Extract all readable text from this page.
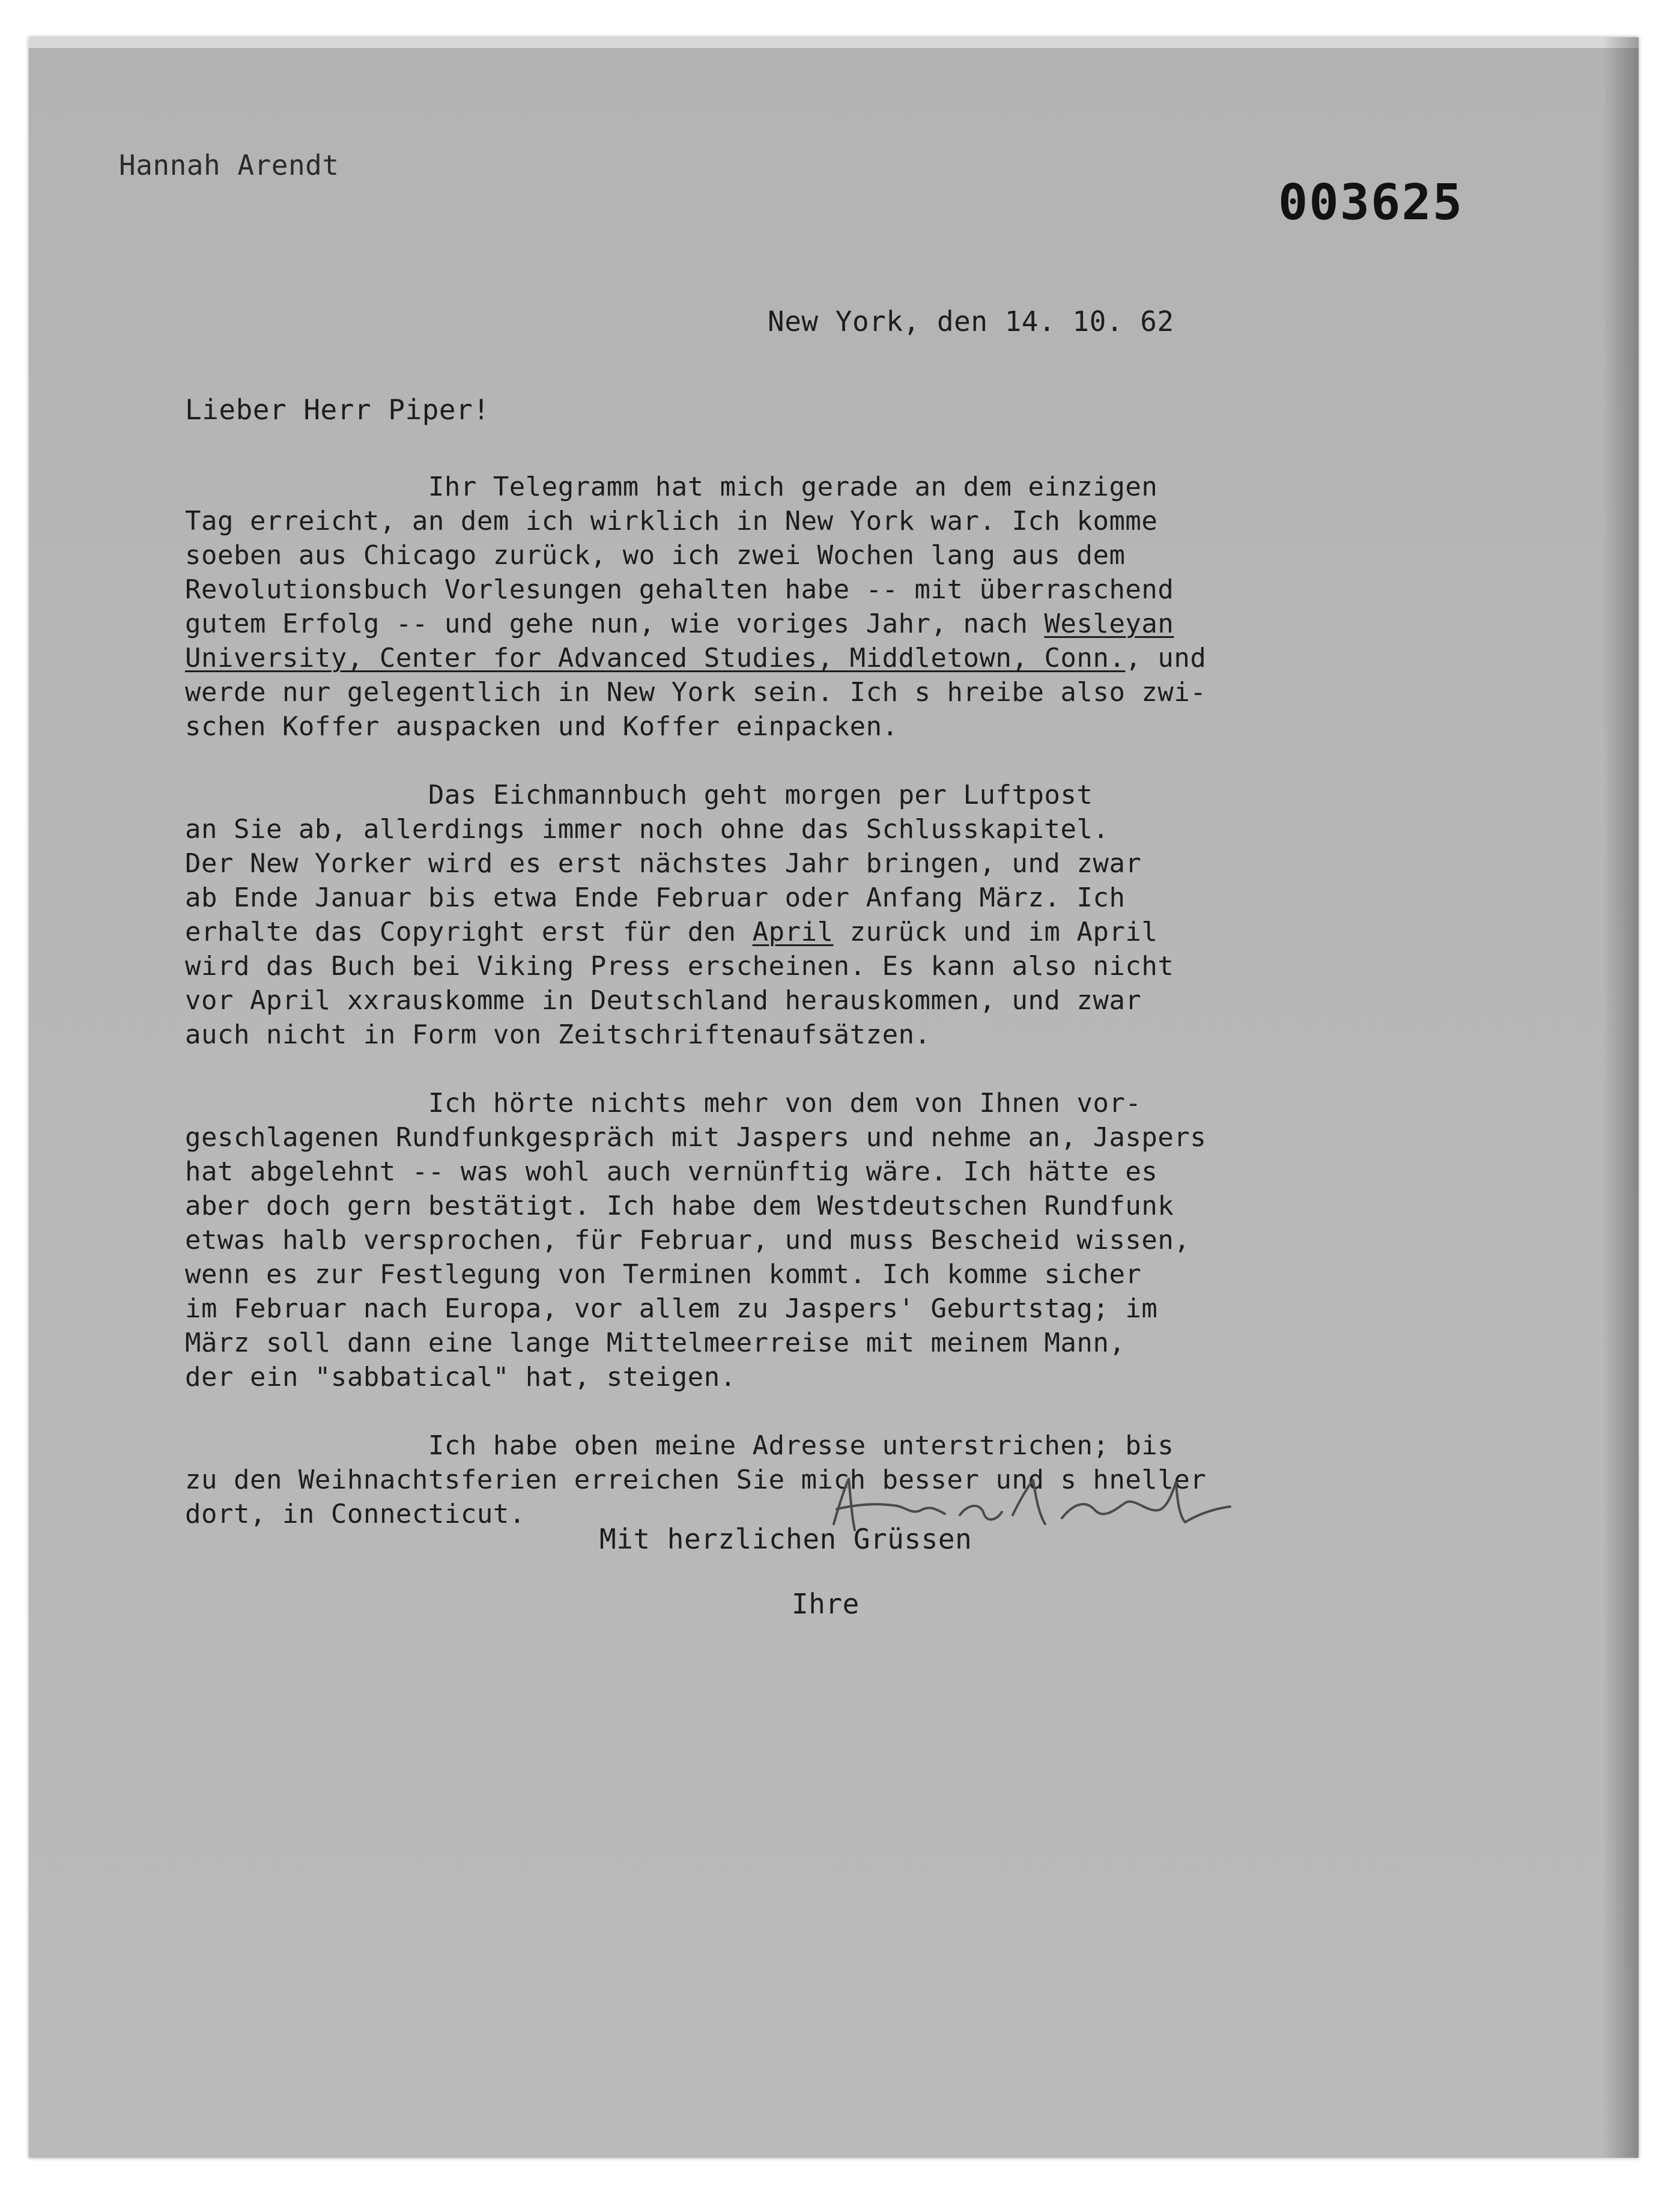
Hannah Arendt
003625
New York, den 14. 10. 62
Lieber Herr Piper!
Ihr Telegramm hat mich gerade an dem einzigen
Tag erreicht, an dem ich wirklich in New York war. Ich komme
soeben aus Chicago zurück, wo ich zwei Wochen lang aus dem
Revolutionsbuch Vorlesungen gehalten habe -- mit überraschend
gutem Erfolg -- und gehe nun, wie voriges Jahr, nach Wesleyan
University, Center for Advanced Studies, Middletown, Conn., und
werde nur gelegentlich in New York sein. Ich s hreibe also zwi-
schen Koffer auspacken und Koffer einpacken.
Das Eichmannbuch geht morgen per Luftpost
an Sie ab, allerdings immer noch ohne das Schlusskapitel.
Der New Yorker wird es erst nächstes Jahr bringen, und zwar
ab Ende Januar bis etwa Ende Februar oder Anfang März. Ich
erhalte das Copyright erst für den April zurück und im April
wird das Buch bei Viking Press erscheinen. Es kann also nicht
vor April xxrauskomme in Deutschland herauskommen, und zwar
auch nicht in Form von Zeitschriftenaufsätzen.
Ich hörte nichts mehr von dem von Ihnen vor-
geschlagenen Rundfunkgespräch mit Jaspers und nehme an, Jaspers
hat abgelehnt -- was wohl auch vernünftig wäre. Ich hätte es
aber doch gern bestätigt. Ich habe dem Westdeutschen Rundfunk
etwas halb versprochen, für Februar, und muss Bescheid wissen,
wenn es zur Festlegung von Terminen kommt. Ich komme sicher
im Februar nach Europa, vor allem zu Jaspers' Geburtstag; im
März soll dann eine lange Mittelmeerreise mit meinem Mann,
der ein "sabbatical" hat, steigen.
Ich habe oben meine Adresse unterstrichen; bis
zu den Weihnachtsferien erreichen Sie mich besser und s hneller
dort, in Connecticut.
Mit herzlichen Grüssen
Ihre
